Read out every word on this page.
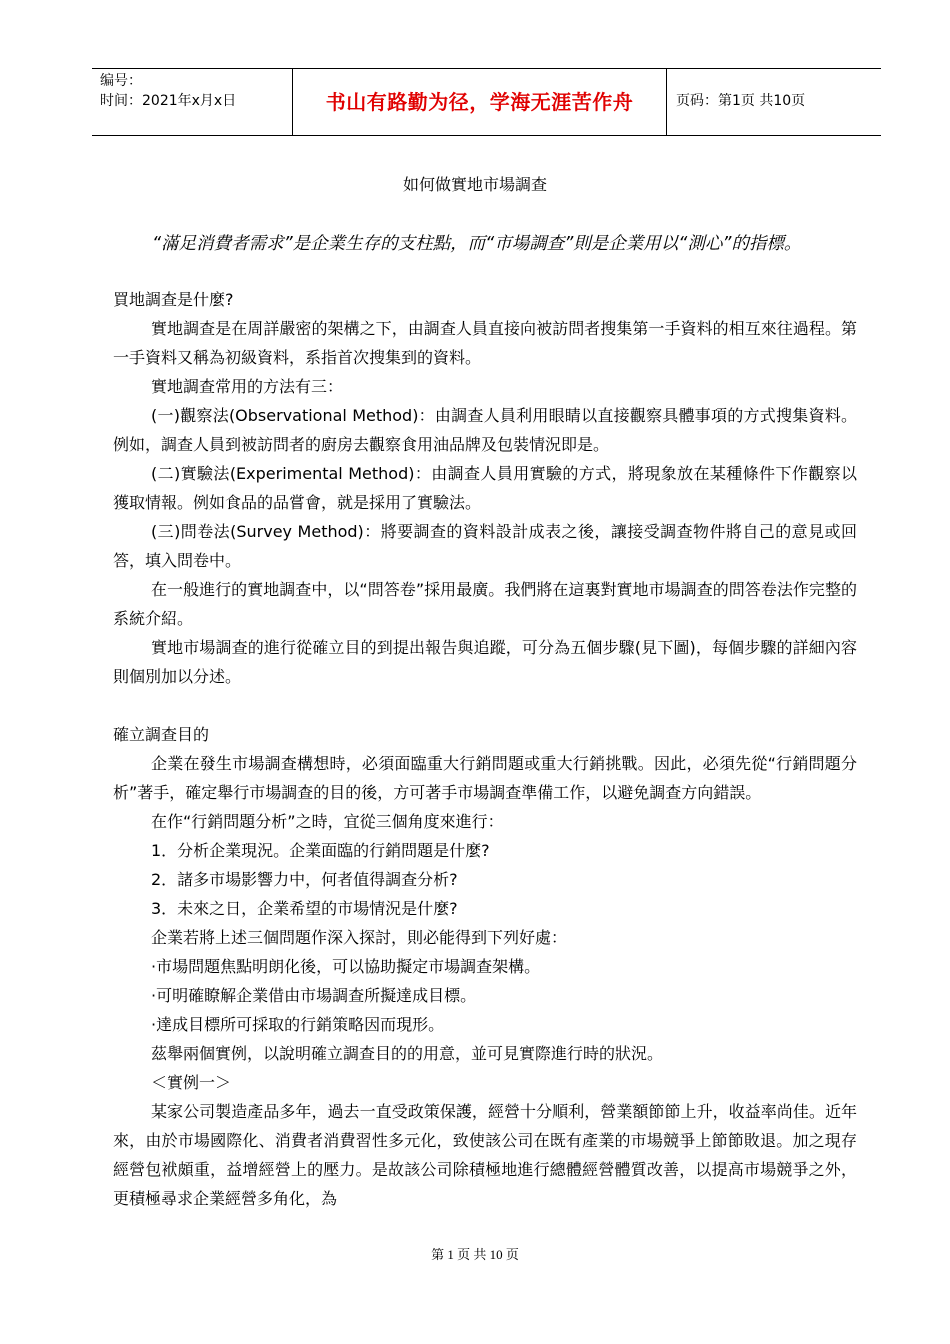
编号：
时间：2021年x月x日	书山有路勤为径，学海无涯苦作舟	页码：第1页 共10页
如何做實地市場調查
“滿足消費者需求”是企業生存的支柱點，而“市場調查”則是企業用以“測心”的指標。

買地調查是什麼?

實地調查是在周詳嚴密的架構之下，由調查人員直接向被訪問者搜集第一手資料的相互來往過程。第一手資料又稱為初級資料，系指首次搜集到的資料。

實地調查常用的方法有三：

(一)觀察法(Observational Method)：由調查人員利用眼睛以直接觀察具體事項的方式搜集資料。例如，調查人員到被訪問者的廚房去觀察食用油品牌及包裝情況即是。

(二)實驗法(Experimental Method)：由調查人員用實驗的方式，將現象放在某種條件下作觀察以獲取情報。例如食品的品嘗會，就是採用了實驗法。

(三)問卷法(Survey Method)：將要調查的資料設計成表之後，讓接受調查物件將自己的意見或回答，填入問卷中。

在一般進行的實地調查中，以“問答卷”採用最廣。我們將在這裏對實地市場調查的問答卷法作完整的系統介紹。

實地市場調查的進行從確立目的到提出報告與追蹤，可分為五個步驟(見下圖)，每個步驟的詳細內容則個別加以分述。

確立調查目的

企業在發生市場調查構想時，必須面臨重大行銷問題或重大行銷挑戰。因此，必須先從“行銷問題分析”著手，確定舉行市場調查的目的後，方可著手市場調查準備工作，以避免調查方向錯誤。

在作“行銷問題分析”之時，宜從三個角度來進行：

1．分析企業現況。企業面臨的行銷問題是什麼?

2．諸多市場影響力中，何者值得調查分析?

3．未來之日，企業希望的市場情況是什麼?

企業若將上述三個問題作深入探討，則必能得到下列好處：

·市場問題焦點明朗化後，可以協助擬定市場調查架構。

·可明確瞭解企業借由市場調查所擬達成目標。

·達成目標所可採取的行銷策略因而現形。

茲舉兩個實例，以說明確立調查目的的用意，並可見實際進行時的狀況。

＜實例一＞

某家公司製造產品多年，過去一直受政策保護，經營十分順利，營業額節節上升，收益率尚佳。近年來，由於市場國際化、消費者消費習性多元化，致使該公司在既有產業的市場競爭上節節敗退。加之現存經營包袱頗重，益增經營上的壓力。是故該公司除積極地進行總體經營體質改善，以提高市場競爭之外，更積極尋求企業經營多角化，為

第 1 页 共 10 页
